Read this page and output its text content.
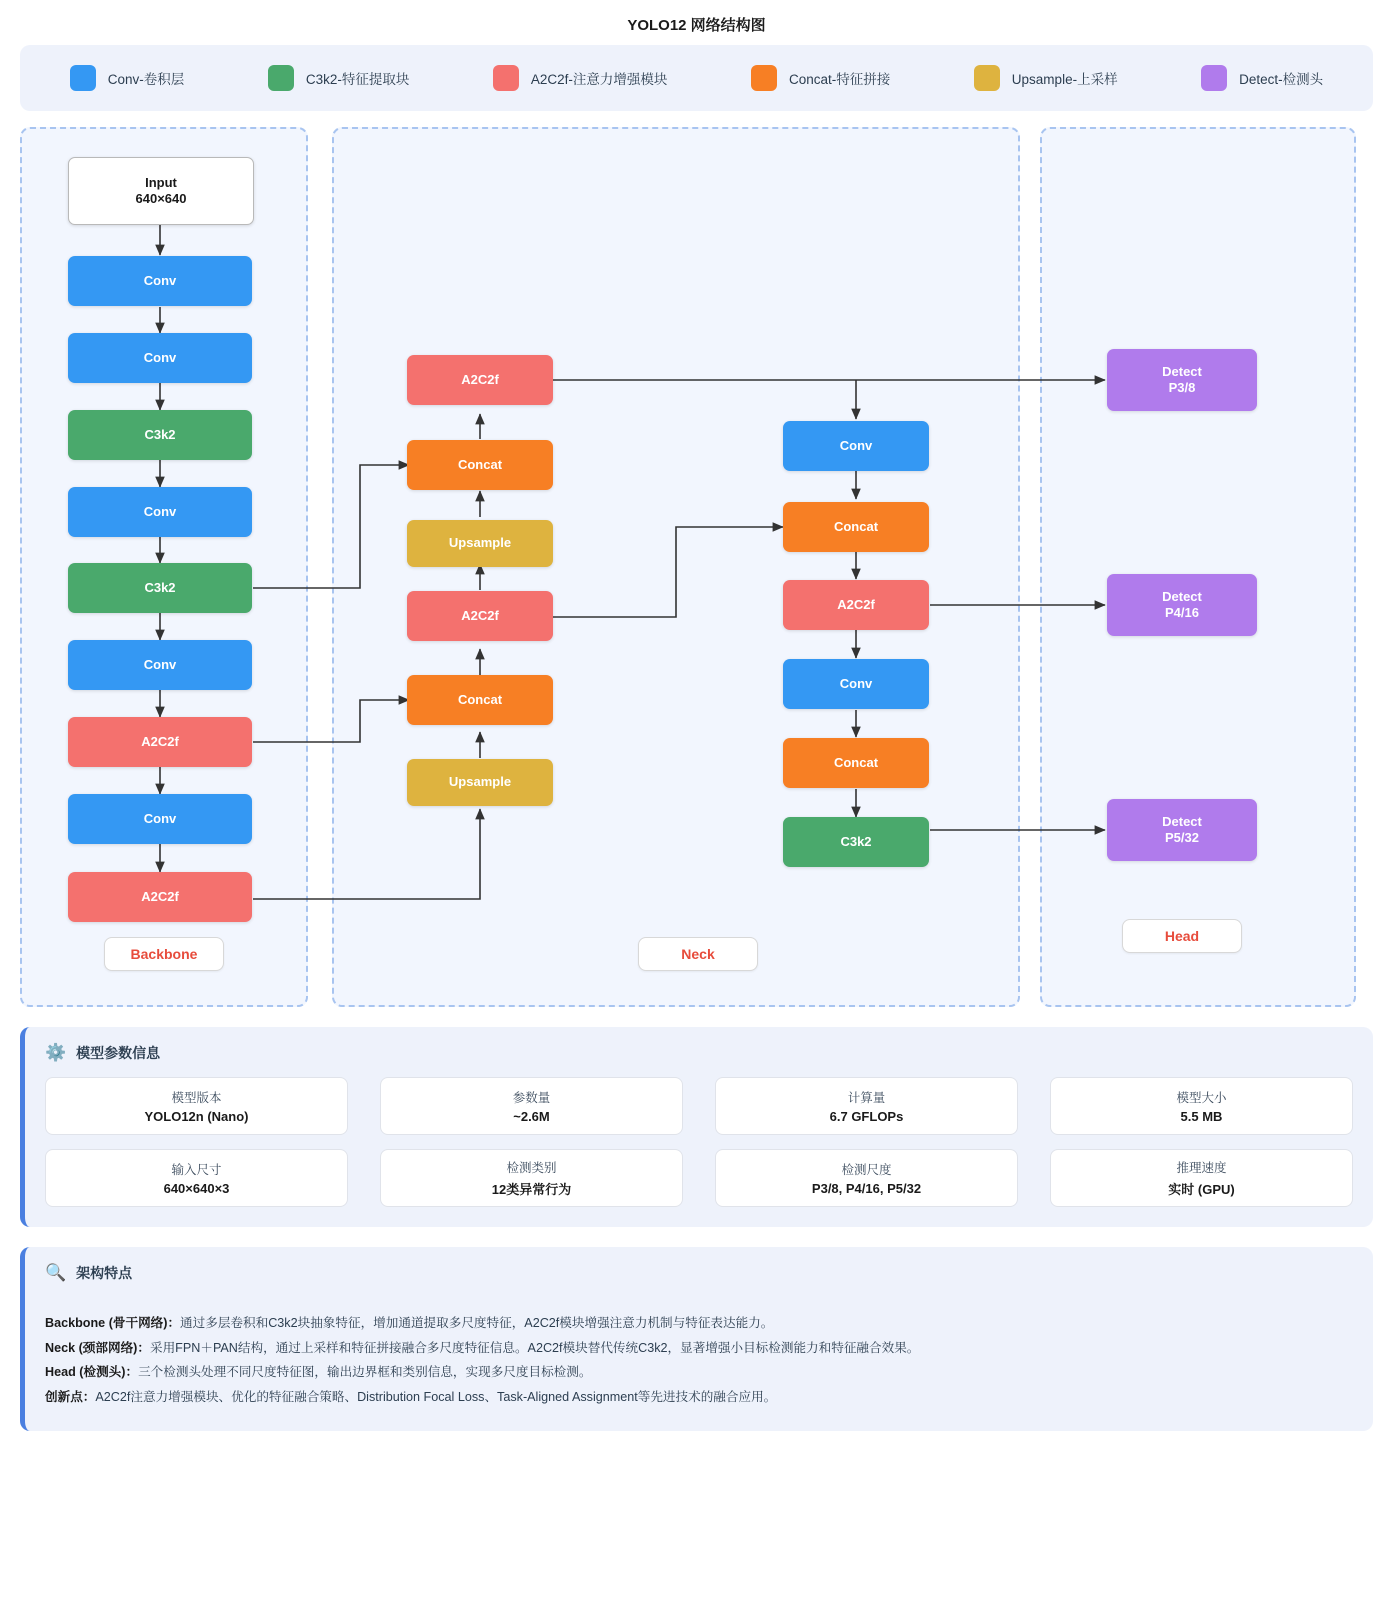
YOLO12 网络结构图
Conv-卷积层	C3k2-特征提取块	A2C2f-注意力增强模块	Concat-特征拼接	Upsample-上采样	Detect-检测头
Input
640×640
Conv
Conv
C3k2
Conv
C3k2
Conv
A2C2f
Conv
A2C2f
A2C2f
Concat
Upsample
A2C2f
Concat
Upsample
Conv
Concat
A2C2f
Conv
Concat
C3k2
Detect
P3/8
Detect
P4/16
Detect
P5/32
Backbone	Neck
Head
⚙️ 模型参数信息
模型版本
YOLO12n (Nano)
参数量
~2.6M
计算量
6.7 GFLOPs
模型大小
5.5 MB
输入尺寸
640×640×3
检测类别
12类异常行为
检测尺度
P3/8, P4/16, P5/32
推理速度
实时 (GPU)
🔍 架构特点
Backbone (骨干网络)：通过多层卷积和C3k2块抽象特征，增加通道提取多尺度特征，A2C2f模块增强注意力机制与特征表达能力。
Neck (颈部网络)：采用FPN＋PAN结构，通过上采样和特征拼接融合多尺度特征信息。A2C2f模块替代传统C3k2，显著增强小目标检测能力和特征融合效果。
Head (检测头)：三个检测头处理不同尺度特征图，输出边界框和类别信息，实现多尺度目标检测。
创新点：A2C2f注意力增强模块、优化的特征融合策略、Distribution Focal Loss、Task-Aligned Assignment等先进技术的融合应用。
